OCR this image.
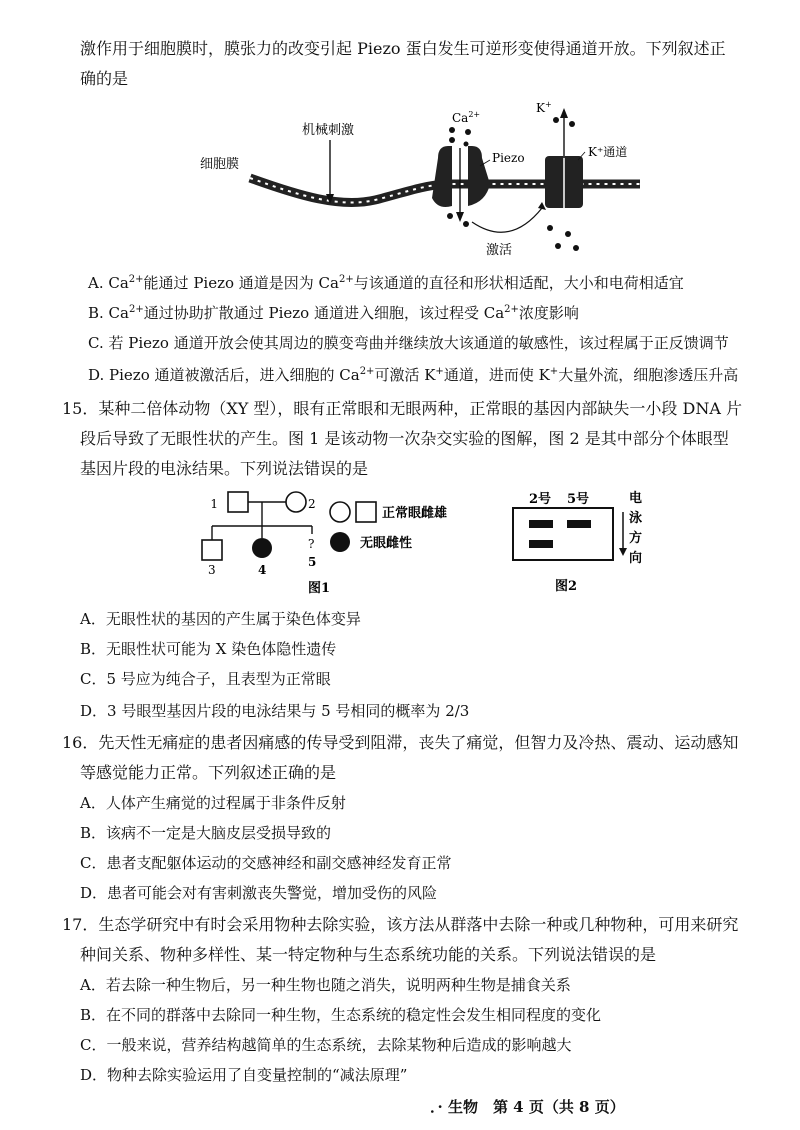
激作用于细胞膜时，膜张力的改变引起 Piezo 蛋白发生可逆形变使得通道开放。下列叙述正
确的是
细胞膜
机械刺激
$Ca^{2+}$
Piezo
K+
K⁺通道
激活
A. $Ca^{2+}$能通过 Piezo 通道是因为 $Ca^{2+}$与该通道的直径和形状相适配，大小和电荷相适宜
B. $Ca^{2+}$通过协助扩散通过 Piezo 通道进入细胞，该过程受 $Ca^{2+}$浓度影响
C. 若 Piezo 通道开放会使其周边的膜变弯曲并继续放大该通道的敏感性，该过程属于正反馈调节
D. Piezo 通道被激活后，进入细胞的 $Ca^{2+}$可激活 K+通道，进而使 K+大量外流，细胞渗透压升高
15．某种二倍体动物（XY 型），眼有正常眼和无眼两种，正常眼的基因内部缺失一小段 DNA 片
段后导致了无眼性状的产生。图 1 是该动物一次杂交实验的图解，图 2 是其中部分个体眼型
基因片段的电泳结果。下列说法错误的是
1	2
3	4
?
5
正常眼雌雄
无眼雌性
图1
2号 5号	电
泳
方
向
图2
A．无眼性状的基因的产生属于染色体变异
B．无眼性状可能为 X 染色体隐性遗传
C．5 号应为纯合子，且表型为正常眼
D．3 号眼型基因片段的电泳结果与 5 号相同的概率为 2/3
16．先天性无痛症的患者因痛感的传导受到阻滞，丧失了痛觉，但智力及冷热、震动、运动感知
等感觉能力正常。下列叙述正确的是
A．人体产生痛觉的过程属于非条件反射
B．该病不一定是大脑皮层受损导致的
C．患者支配躯体运动的交感神经和副交感神经发育正常
D．患者可能会对有害刺激丧失警觉，增加受伤的风险
17．生态学研究中有时会采用物种去除实验，该方法从群落中去除一种或几种物种，可用来研究
种间关系、物种多样性、某一特定物种与生态系统功能的关系。下列说法错误的是
A．若去除一种生物后，另一种生物也随之消失，说明两种生物是捕食关系
B．在不同的群落中去除同一种生物，生态系统的稳定性会发生相同程度的变化
C．一般来说，营养结构越简单的生态系统，去除某物种后造成的影响越大
D．物种去除实验运用了自变量控制的“减法原理”
．· 生物　第 4 页（共 8 页）
